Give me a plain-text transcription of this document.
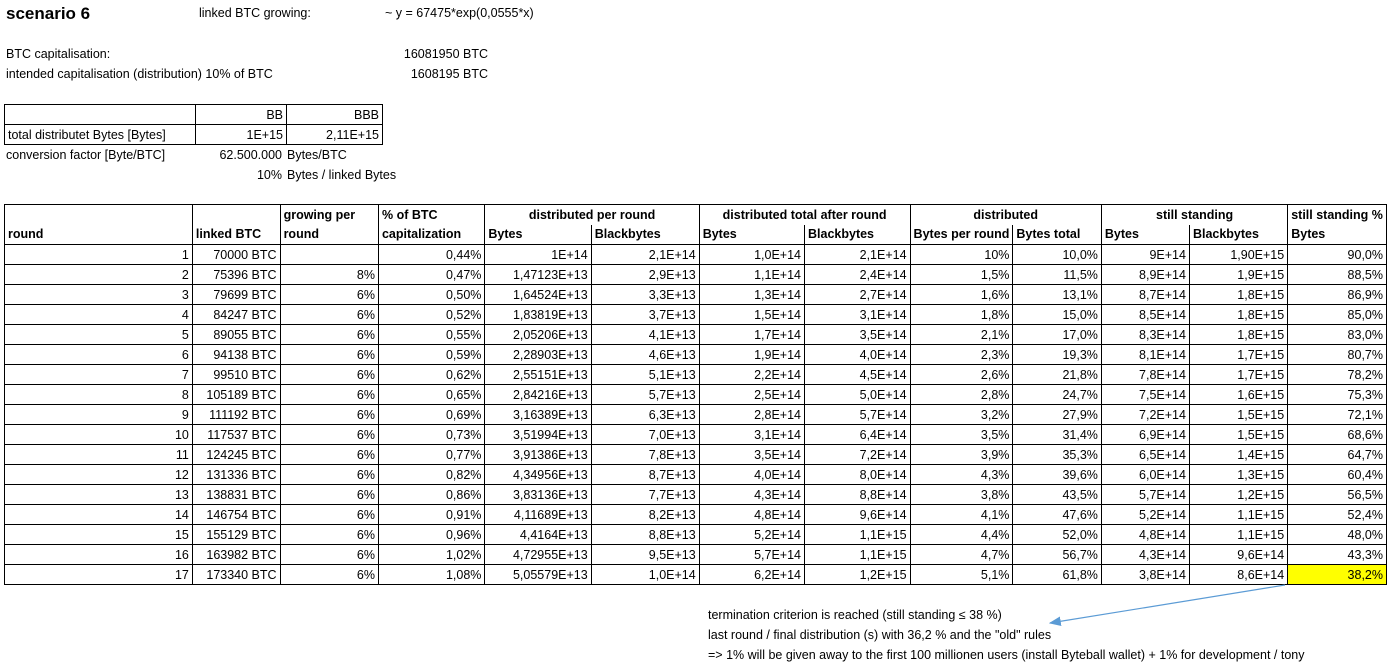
scenario 6	linked BTC growing:	~ y = 67475*exp(0,0555*x)
BTC capitalisation:	16081950 BTC
intended capitalisation (distribution) 10% of BTC	1608195 BTC
	BB	BBB
total distributet Bytes [Bytes]	1E+15	2,11E+15
conversion factor [Byte/BTC]	62.500.000 Bytes/BTC
10% Bytes / linked Bytes
		growing per	% of BTC	distributed per round		distributed total after round		distributed		still standing		still standing %
round	linked BTC	round	capitalization	Bytes	Blackbytes	Bytes	Blackbytes	Bytes per round	Bytes total	Bytes	Blackbytes	Bytes
1	70000 BTC		0,44%	1E+14	2,1E+14	1,0E+14	2,1E+14	10%	10,0%	9E+14	1,90E+15	90,0%
2	75396 BTC	8%	0,47%	1,47123E+13	2,9E+13	1,1E+14	2,4E+14	1,5%	11,5%	8,9E+14	1,9E+15	88,5%
3	79699 BTC	6%	0,50%	1,64524E+13	3,3E+13	1,3E+14	2,7E+14	1,6%	13,1%	8,7E+14	1,8E+15	86,9%
4	84247 BTC	6%	0,52%	1,83819E+13	3,7E+13	1,5E+14	3,1E+14	1,8%	15,0%	8,5E+14	1,8E+15	85,0%
5	89055 BTC	6%	0,55%	2,05206E+13	4,1E+13	1,7E+14	3,5E+14	2,1%	17,0%	8,3E+14	1,8E+15	83,0%
6	94138 BTC	6%	0,59%	2,28903E+13	4,6E+13	1,9E+14	4,0E+14	2,3%	19,3%	8,1E+14	1,7E+15	80,7%
7	99510 BTC	6%	0,62%	2,55151E+13	5,1E+13	2,2E+14	4,5E+14	2,6%	21,8%	7,8E+14	1,7E+15	78,2%
8	105189 BTC	6%	0,65%	2,84216E+13	5,7E+13	2,5E+14	5,0E+14	2,8%	24,7%	7,5E+14	1,6E+15	75,3%
9	111192 BTC	6%	0,69%	3,16389E+13	6,3E+13	2,8E+14	5,7E+14	3,2%	27,9%	7,2E+14	1,5E+15	72,1%
10	117537 BTC	6%	0,73%	3,51994E+13	7,0E+13	3,1E+14	6,4E+14	3,5%	31,4%	6,9E+14	1,5E+15	68,6%
11	124245 BTC	6%	0,77%	3,91386E+13	7,8E+13	3,5E+14	7,2E+14	3,9%	35,3%	6,5E+14	1,4E+15	64,7%
12	131336 BTC	6%	0,82%	4,34956E+13	8,7E+13	4,0E+14	8,0E+14	4,3%	39,6%	6,0E+14	1,3E+15	60,4%
13	138831 BTC	6%	0,86%	3,83136E+13	7,7E+13	4,3E+14	8,8E+14	3,8%	43,5%	5,7E+14	1,2E+15	56,5%
14	146754 BTC	6%	0,91%	4,11689E+13	8,2E+13	4,8E+14	9,6E+14	4,1%	47,6%	5,2E+14	1,1E+15	52,4%
15	155129 BTC	6%	0,96%	4,4164E+13	8,8E+13	5,2E+14	1,1E+15	4,4%	52,0%	4,8E+14	1,1E+15	48,0%
16	163982 BTC	6%	1,02%	4,72955E+13	9,5E+13	5,7E+14	1,1E+15	4,7%	56,7%	4,3E+14	9,6E+14	43,3%
17	173340 BTC	6%	1,08%	5,05579E+13	1,0E+14	6,2E+14	1,2E+15	5,1%	61,8%	3,8E+14	8,6E+14	38,2%
termination criterion is reached (still standing ≤ 38 %)
last round / final distribution (s) with 36,2 % and the "old" rules
=> 1% will be given away to the first 100 millionen users (install Byteball wallet) + 1% for development / tony
